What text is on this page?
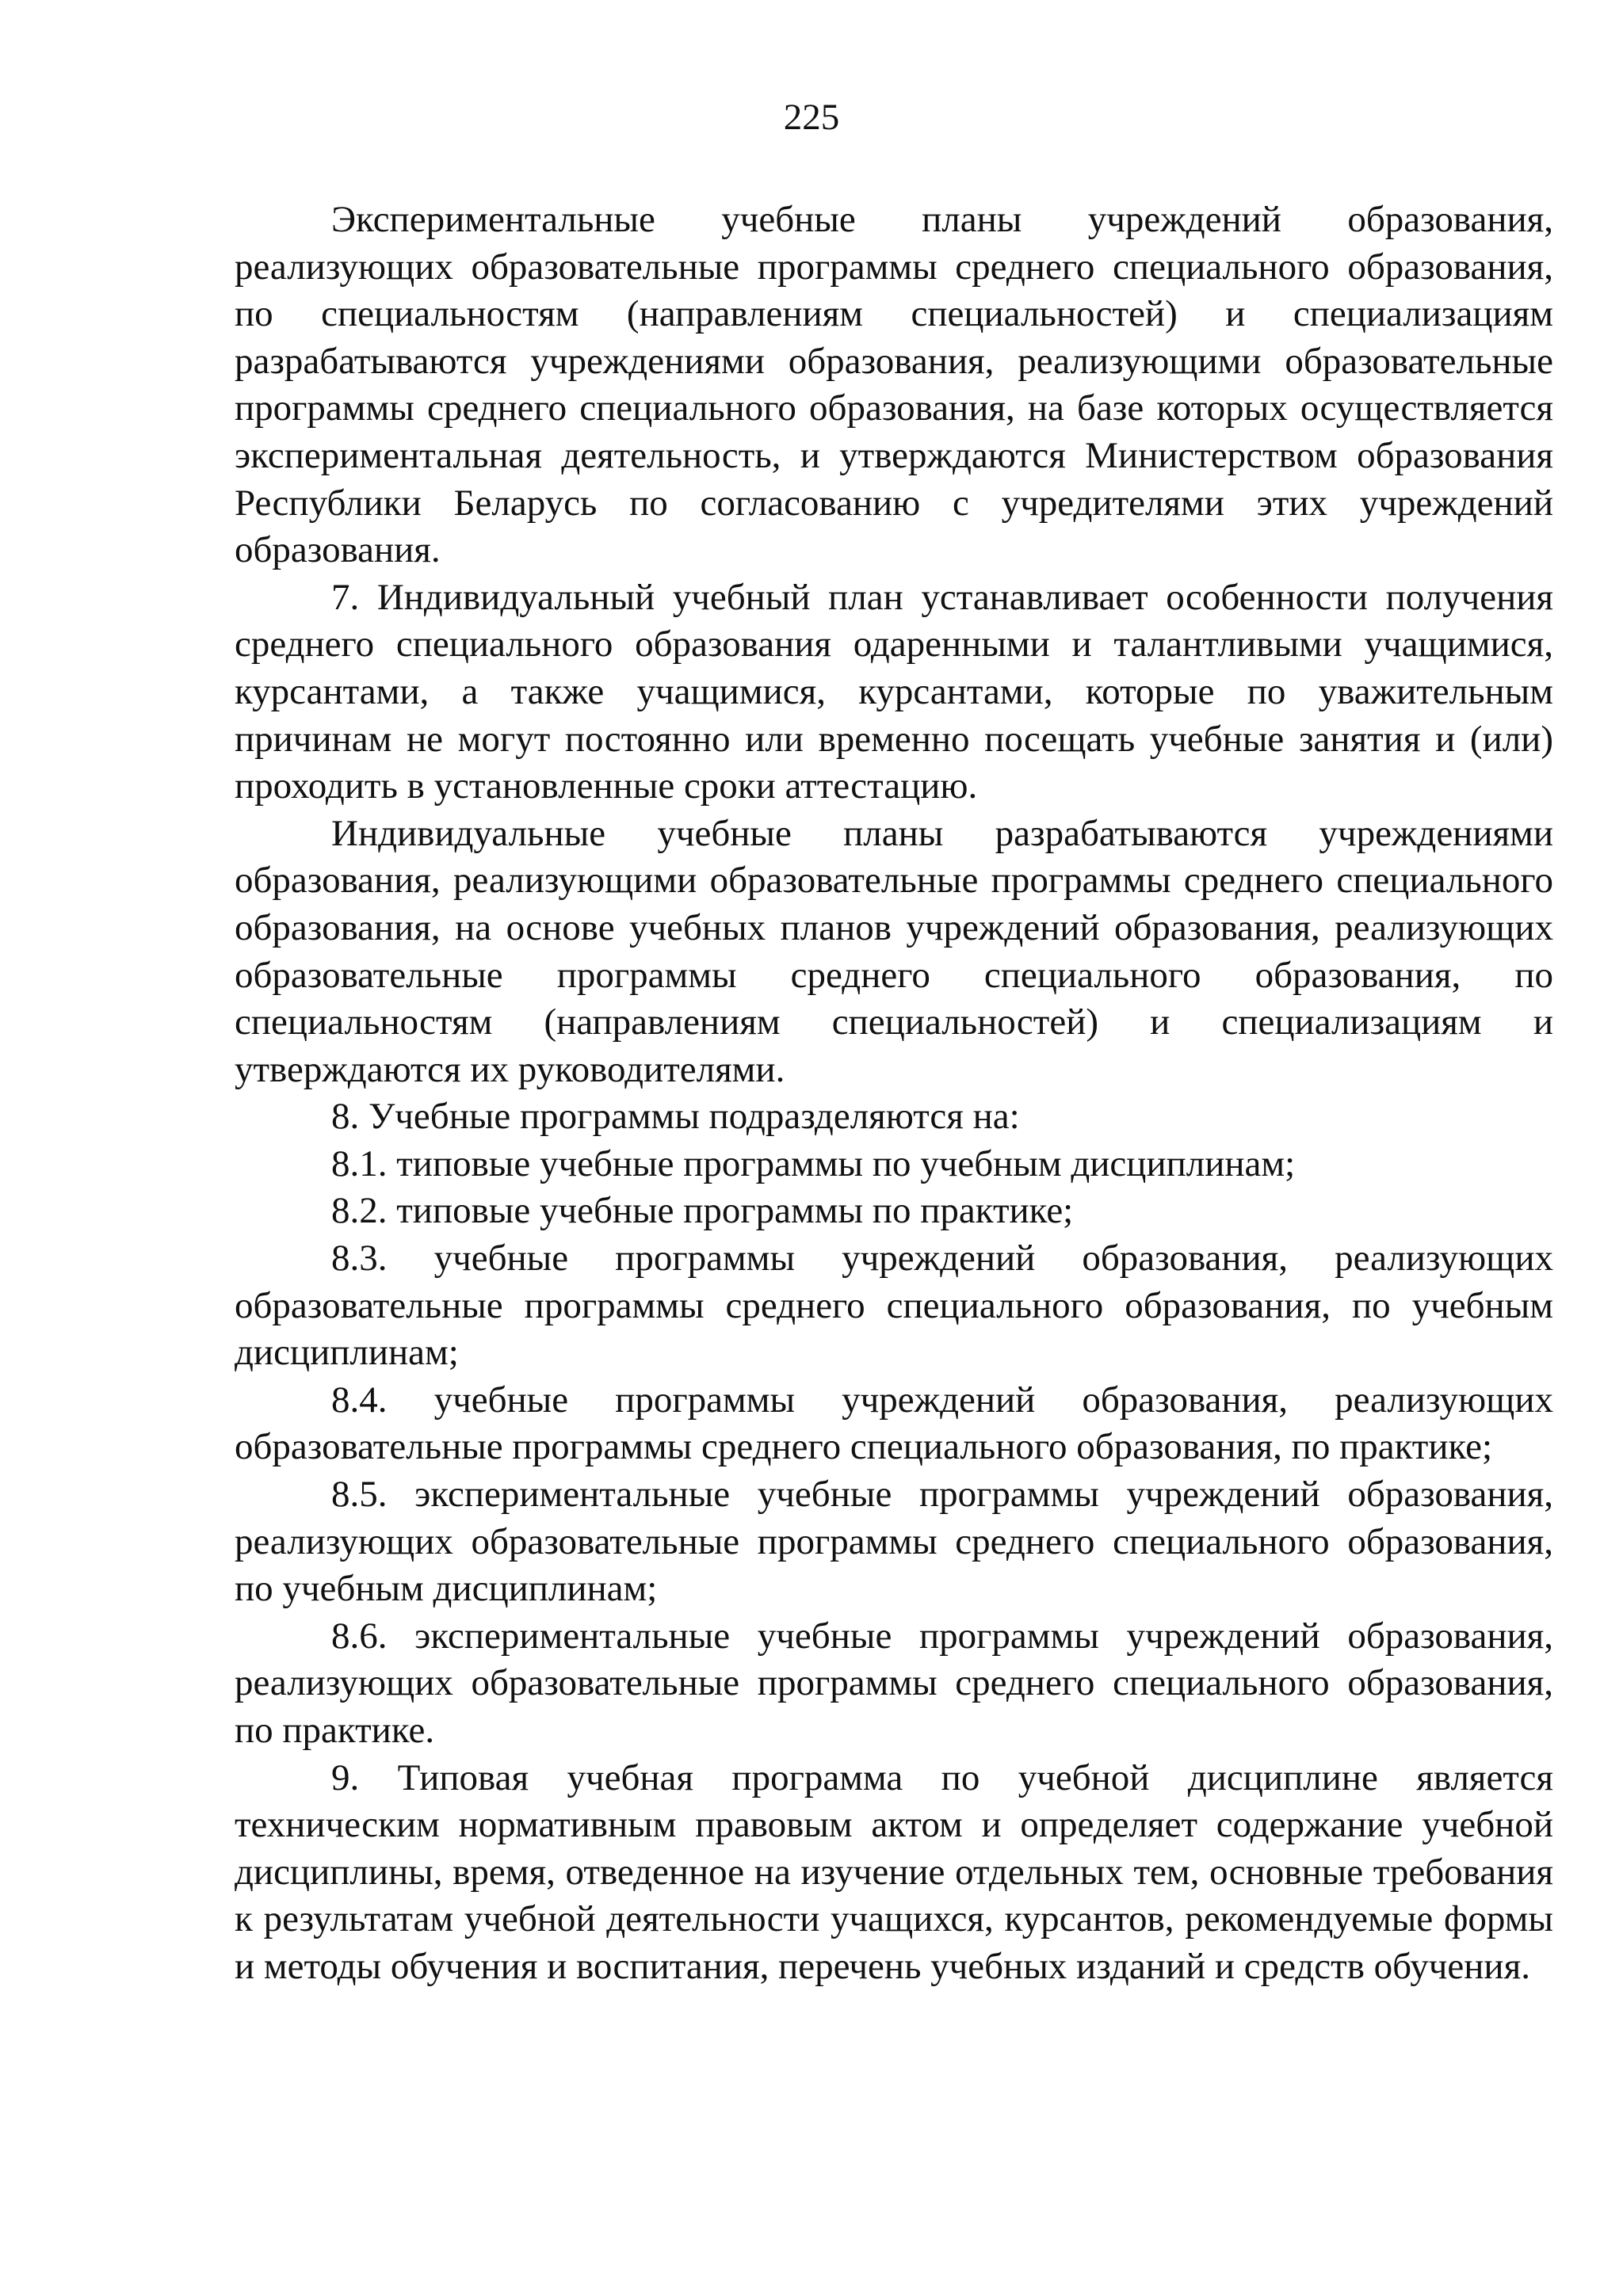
225

Экспериментальные учебные планы учреждений образования, реализующих образовательные программы среднего специального образования, по специальностям (направлениям специальностей) и специализациям разрабатываются учреждениями образования, реализующими образовательные программы среднего специального образования, на базе которых осуществляется экспериментальная деятельность, и утверждаются Министерством образования Республики Беларусь по согласованию с учредителями этих учреждений образования.

7. Индивидуальный учебный план устанавливает особенности получения среднего специального образования одаренными и талантливыми учащимися, курсантами, а также учащимися, курсантами, которые по уважительным причинам не могут постоянно или временно посещать учебные занятия и (или) проходить в установленные сроки аттестацию.

Индивидуальные учебные планы разрабатываются учреждениями образования, реализующими образовательные программы среднего специального образования, на основе учебных планов учреждений образования, реализующих образовательные программы среднего специального образования, по специальностям (направлениям специальностей) и специализациям и утверждаются их руководителями.

8. Учебные программы подразделяются на:

8.1. типовые учебные программы по учебным дисциплинам;

8.2. типовые учебные программы по практике;

8.3. учебные программы учреждений образования, реализующих образовательные программы среднего специального образования, по учебным дисциплинам;

8.4. учебные программы учреждений образования, реализующих образовательные программы среднего специального образования, по практике;

8.5. экспериментальные учебные программы учреждений образования, реализующих образовательные программы среднего специального образования, по учебным дисциплинам;

8.6. экспериментальные учебные программы учреждений образования, реализующих образовательные программы среднего специального образования, по практике.

9. Типовая учебная программа по учебной дисциплине является техническим нормативным правовым актом и определяет содержание учебной дисциплины, время, отведенное на изучение отдельных тем, основные требования к результатам учебной деятельности учащихся, курсантов, рекомендуемые формы и методы обучения и воспитания, перечень учебных изданий и средств обучения.
